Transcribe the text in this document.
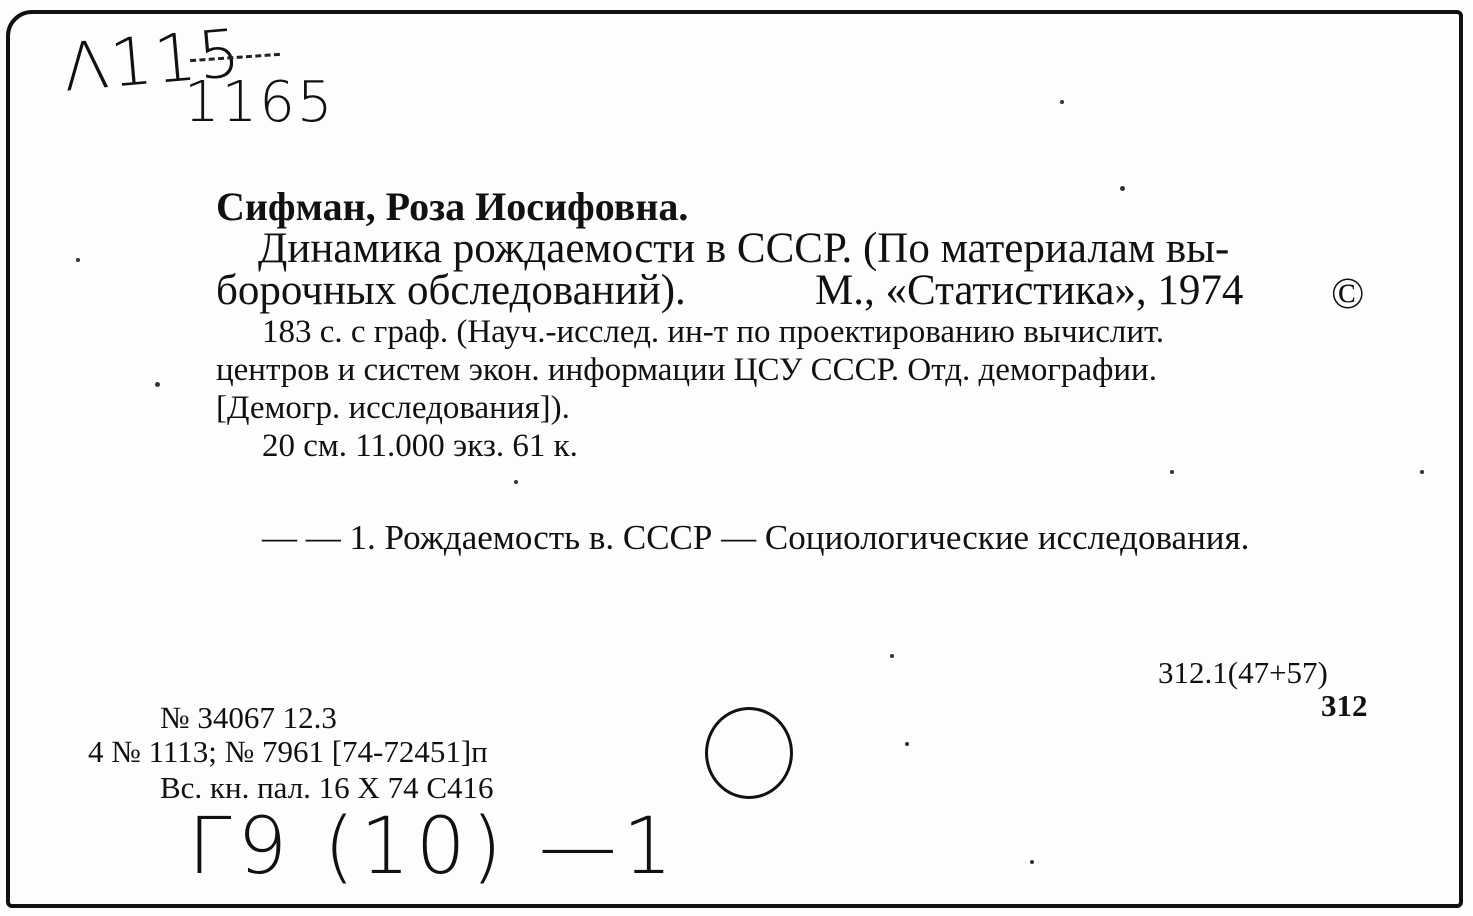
Λ115
1165
Сифман, Роза Иосифовна.
Динамика рождаемости в СССР. (По материалам вы-
борочных обследований).	М., «Статистика», 1974 ©
183 с. с граф. (Науч.-исслед. ин-т по проектированию вычислит.
центров и систем экон. информации ЦСУ СССР. Отд. демографии.
[Демогр. исследования]).
20 см. 11.000 экз. 61 к.
— — 1. Рождаемость в. СССР — Социологические исследования.
312.1(47+57)
312
№ 34067 12.3
4 № 1113; № 7961 [74-72451]п
Вс. кн. пал. 16 X 74 С416
Г9 (10) —1
